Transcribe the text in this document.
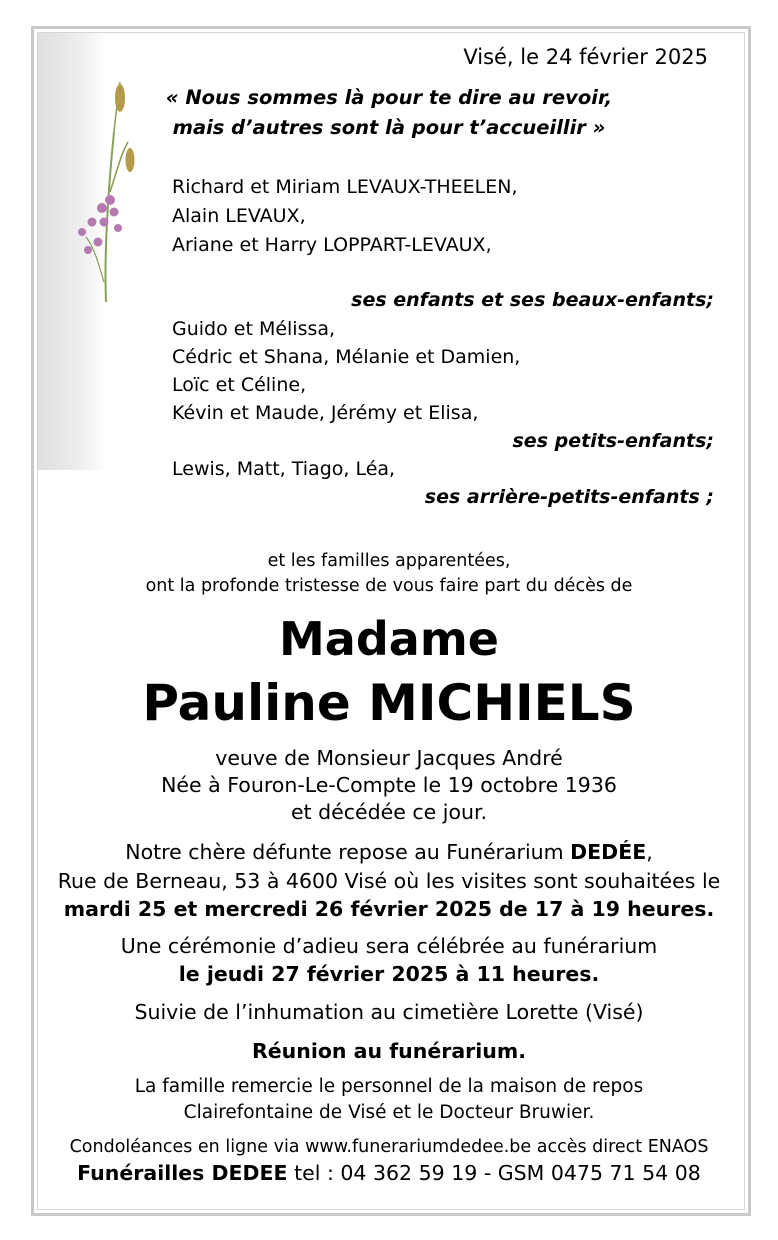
Visé, le 24 février 2025
« Nous sommes là pour te dire au revoir,
mais d’autres sont là pour t’accueillir »
Richard et Miriam LEVAUX-THEELEN,
Alain LEVAUX,
Ariane et Harry LOPPART-LEVAUX,
ses enfants et ses beaux-enfants;
Guido et Mélissa,
Cédric et Shana, Mélanie et Damien,
Loïc et Céline,
Kévin et Maude, Jérémy et Elisa,
ses petits-enfants;
Lewis, Matt, Tiago, Léa,
ses arrière-petits-enfants ;
et les familles apparentées,
ont la profonde tristesse de vous faire part du décès de
Madame
Pauline MICHIELS
veuve de Monsieur Jacques André
Née à Fouron-Le-Compte le 19 octobre 1936
et décédée ce jour.
Notre chère défunte repose au Funérarium DEDÉE,
Rue de Berneau, 53 à 4600 Visé où les visites sont souhaitées le
mardi 25 et mercredi 26 février 2025 de 17 à 19 heures.
Une cérémonie d’adieu sera célébrée au funérarium
le jeudi 27 février 2025 à 11 heures.
Suivie de l’inhumation au cimetière Lorette (Visé)
Réunion au funérarium.
La famille remercie le personnel de la maison de repos
Clairefontaine de Visé et le Docteur Bruwier.
Condoléances en ligne via www.funerariumdedee.be accès direct ENAOS
Funérailles DEDEE tel : 04 362 59 19 - GSM 0475 71 54 08
